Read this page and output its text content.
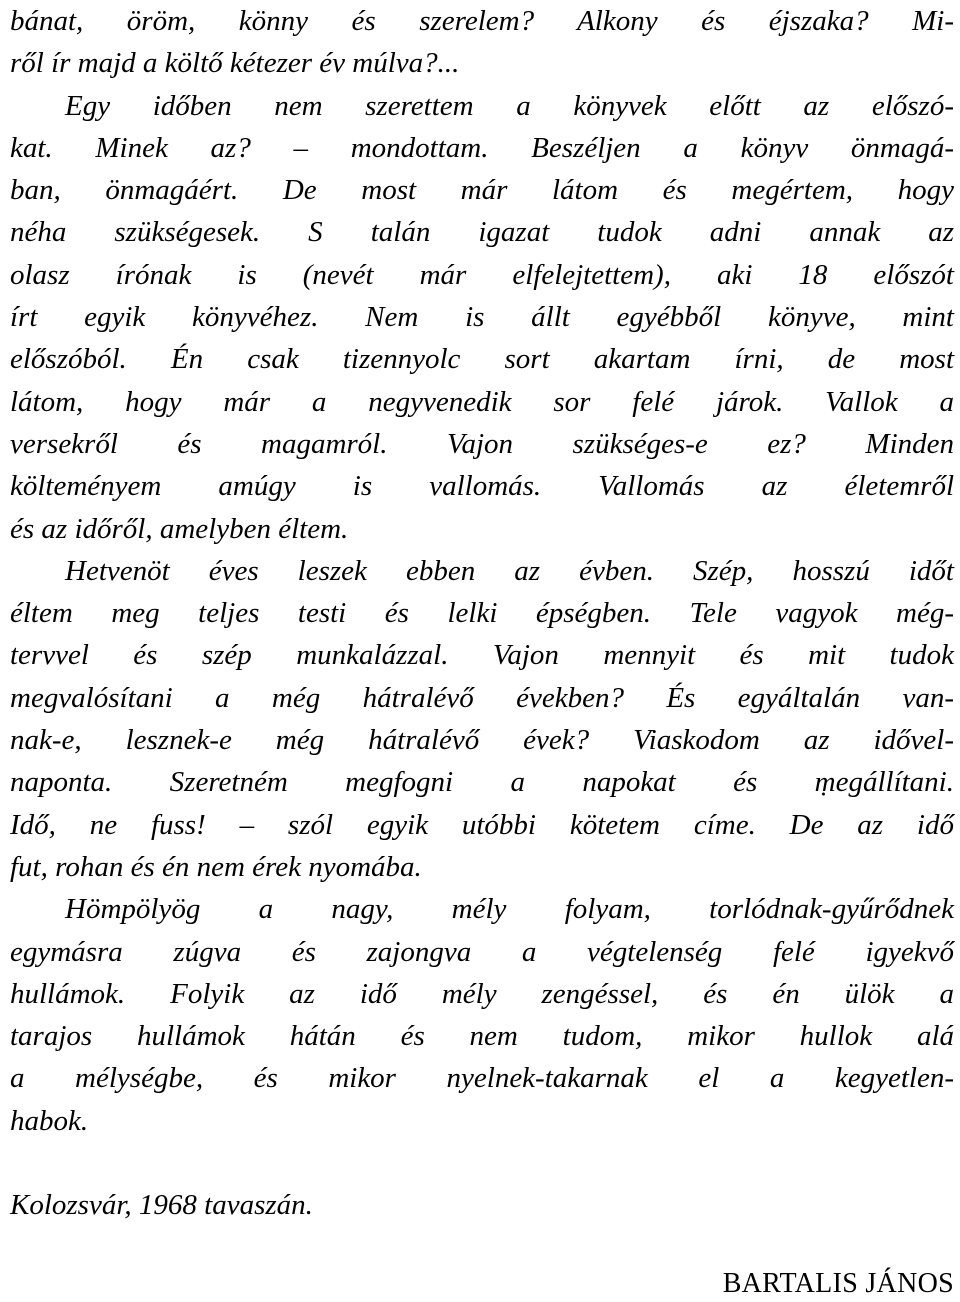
bánat, öröm, könny és szerelem? Alkony és éjszaka? Mi-
ről ír majd a költő kétezer év múlva?...
Egy időben nem szerettem a könyvek előtt az előszó-
kat. Minek az? – mondottam. Beszéljen a könyv önmagá-
ban, önmagáért. De most már látom és megértem, hogy
néha szükségesek. S talán igazat tudok adni annak az
olasz írónak is (nevét már elfelejtettem), aki 18 előszót
írt egyik könyvéhez. Nem is állt egyébből könyve, mint
előszóból. Én csak tizennyolc sort akartam írni, de most
látom, hogy már a negyvenedik sor felé járok. Vallok a
versekről és magamról. Vajon szükséges-e ez? Minden
költeményem amúgy is vallomás. Vallomás az életemről
és az időről, amelyben éltem.
Hetvenöt éves leszek ebben az évben. Szép, hosszú időt
éltem meg teljes testi és lelki épségben. Tele vagyok még-
tervvel és szép munkalázzal. Vajon mennyit és mit tudok
megvalósítani a még hátralévő években? És egyáltalán van-
nak-e, lesznek-e még hátralévő évek? Viaskodom az idővel-
naponta. Szeretném megfogni a napokat és ṃegállítani.
Idő, ne fuss! – szól egyik utóbbi kötetem címe. De az idő
fut, rohan és én nem érek nyomába.
Hömpölyög a nagy, mély folyam, torlódnak-gyűrődnek
egymásra zúgva és zajongva a végtelenség felé igyekvő
hullámok. Folyik az idő mély zengéssel, és én ülök a
tarajos hullámok hátán és nem tudom, mikor hullok alá
a mélységbe, és mikor nyelnek-takarnak el a kegyetlen-
habok.
Kolozsvár, 1968 tavaszán.
BARTALIS JÁNOS
